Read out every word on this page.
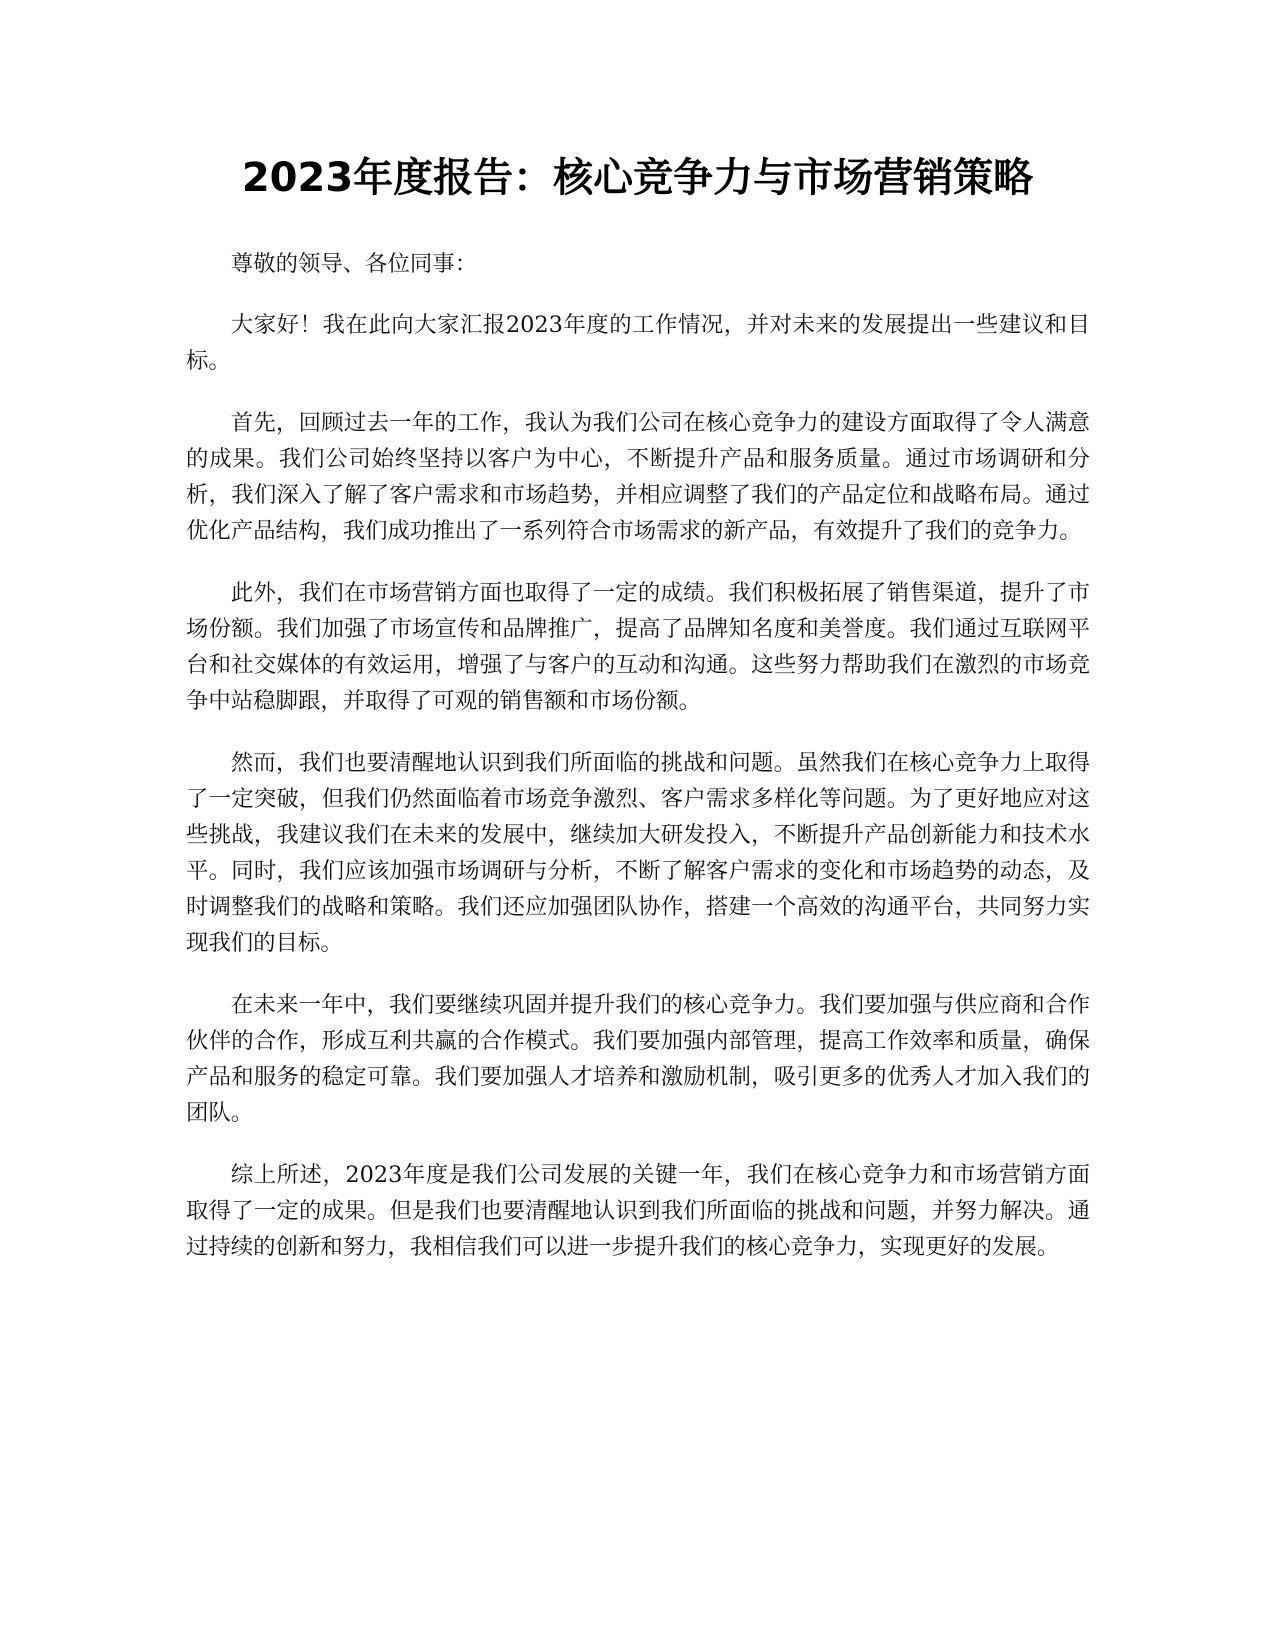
2023年度报告：核心竞争力与市场营销策略

尊敬的领导、各位同事：

大家好！我在此向大家汇报2023年度的工作情况，并对未来的发展提出一些建议和目标。

首先，回顾过去一年的工作，我认为我们公司在核心竞争力的建设方面取得了令人满意的成果。我们公司始终坚持以客户为中心，不断提升产品和服务质量。通过市场调研和分析，我们深入了解了客户需求和市场趋势，并相应调整了我们的产品定位和战略布局。通过优化产品结构，我们成功推出了一系列符合市场需求的新产品，有效提升了我们的竞争力。

此外，我们在市场营销方面也取得了一定的成绩。我们积极拓展了销售渠道，提升了市场份额。我们加强了市场宣传和品牌推广，提高了品牌知名度和美誉度。我们通过互联网平台和社交媒体的有效运用，增强了与客户的互动和沟通。这些努力帮助我们在激烈的市场竞争中站稳脚跟，并取得了可观的销售额和市场份额。

然而，我们也要清醒地认识到我们所面临的挑战和问题。虽然我们在核心竞争力上取得了一定突破，但我们仍然面临着市场竞争激烈、客户需求多样化等问题。为了更好地应对这些挑战，我建议我们在未来的发展中，继续加大研发投入，不断提升产品创新能力和技术水平。同时，我们应该加强市场调研与分析，不断了解客户需求的变化和市场趋势的动态，及时调整我们的战略和策略。我们还应加强团队协作，搭建一个高效的沟通平台，共同努力实现我们的目标。

在未来一年中，我们要继续巩固并提升我们的核心竞争力。我们要加强与供应商和合作伙伴的合作，形成互利共赢的合作模式。我们要加强内部管理，提高工作效率和质量，确保产品和服务的稳定可靠。我们要加强人才培养和激励机制，吸引更多的优秀人才加入我们的团队。

综上所述，2023年度是我们公司发展的关键一年，我们在核心竞争力和市场营销方面取得了一定的成果。但是我们也要清醒地认识到我们所面临的挑战和问题，并努力解决。通过持续的创新和努力，我相信我们可以进一步提升我们的核心竞争力，实现更好的发展。
